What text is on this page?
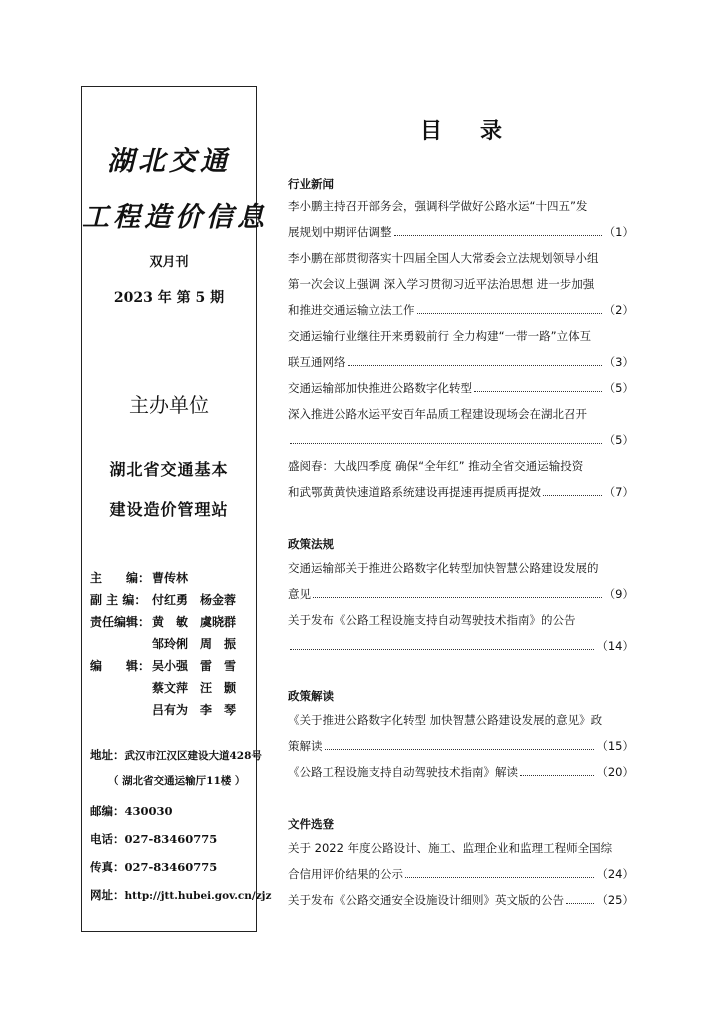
湖北交通
工程造价信息
双月刊
2023 年 第 5 期
主办单位
湖北省交通基本
建设造价管理站
主　　编： 曹传林
副 主 编： 付红勇　杨金蓉
责任编辑： 黄　敏　虞晓群
邹玲俐　周　振
编　　辑： 吴小强　雷　雪
蔡文萍　汪　颢
吕有为　李　琴
地址：武汉市江汉区建设大道428号
（ 湖北省交通运输厅11楼 ）
邮编：430030
电话：027-83460775
传真：027-83460775
网址：http://jtt.hubei.gov.cn/zjz
目 录
行业新闻
李小鹏主持召开部务会，强调科学做好公路水运“十四五”发
展规划中期评估调整	（1）
李小鹏在部贯彻落实十四届全国人大常委会立法规划领导小组
第一次会议上强调 深入学习贯彻习近平法治思想 进一步加强
和推进交通运输立法工作	（2）
交通运输行业继往开来勇毅前行 全力构建“一带一路”立体互
联互通网络	（3）
交通运输部加快推进公路数字化转型	（5）
深入推进公路水运平安百年品质工程建设现场会在湖北召开
（5）
盛阅春：大战四季度 确保“全年红” 推动全省交通运输投资
和武鄂黄黄快速道路系统建设再提速再提质再提效	（7）
政策法规
交通运输部关于推进公路数字化转型加快智慧公路建设发展的
意见	（9）
关于发布《公路工程设施支持自动驾驶技术指南》的公告
（14）
政策解读
《关于推进公路数字化转型 加快智慧公路建设发展的意见》政
策解读	（15）
《公路工程设施支持自动驾驶技术指南》解读	（20）
文件选登
关于 2022 年度公路设计、施工、监理企业和监理工程师全国综
合信用评价结果的公示	（24）
关于发布《公路交通安全设施设计细则》英文版的公告	（25）
